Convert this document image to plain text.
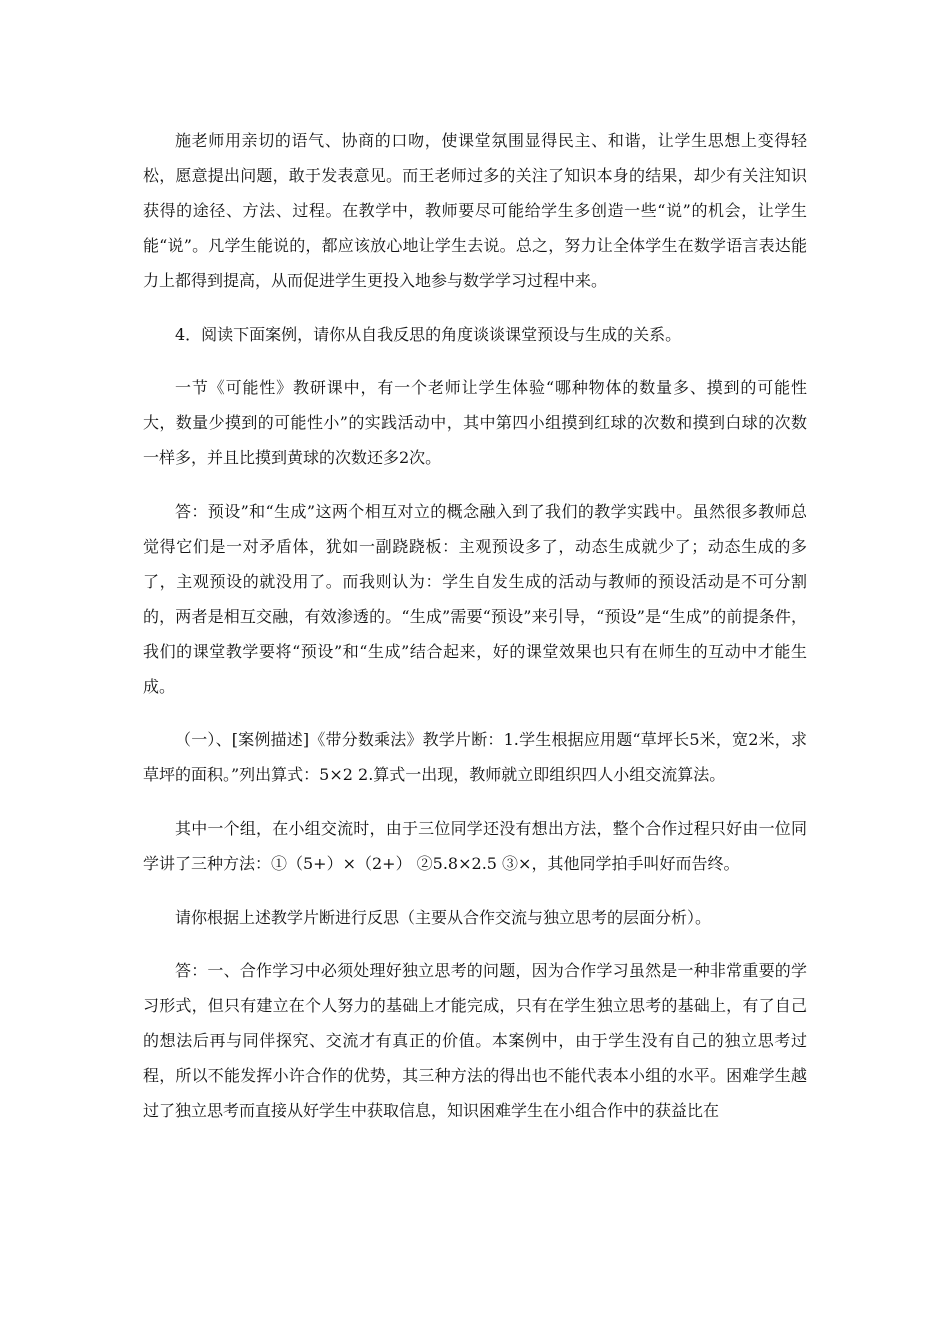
施老师用亲切的语气、协商的口吻，使课堂氛围显得民主、和谐，让学生思想上变得轻松，愿意提出问题，敢于发表意见。而王老师过多的关注了知识本身的结果，却少有关注知识获得的途径、方法、过程。在教学中，教师要尽可能给学生多创造一些“说”的机会，让学生能“说”。凡学生能说的，都应该放心地让学生去说。总之，努力让全体学生在数学语言表达能力上都得到提高，从而促进学生更投入地参与数学学习过程中来。

4．阅读下面案例，请你从自我反思的角度谈谈课堂预设与生成的关系。

一节《可能性》教研课中，有一个老师让学生体验“哪种物体的数量多、摸到的可能性大，数量少摸到的可能性小”的实践活动中，其中第四小组摸到红球的次数和摸到白球的次数一样多，并且比摸到黄球的次数还多2次。

答：预设”和“生成”这两个相互对立的概念融入到了我们的教学实践中。虽然很多教师总觉得它们是一对矛盾体，犹如一副跷跷板：主观预设多了，动态生成就少了；动态生成的多了，主观预设的就没用了。而我则认为：学生自发生成的活动与教师的预设活动是不可分割的，两者是相互交融，有效渗透的。“生成”需要“预设”来引导，“预设”是“生成”的前提条件，我们的课堂教学要将“预设”和“生成”结合起来，好的课堂效果也只有在师生的互动中才能生成。

（一）、[案例描述]《带分数乘法》教学片断：1.学生根据应用题“草坪长5米，宽2米，求草坪的面积。”列出算式：5×2 2.算式一出现，教师就立即组织四人小组交流算法。

其中一个组，在小组交流时，由于三位同学还没有想出方法，整个合作过程只好由一位同学讲了三种方法：①（5+）×（2+） ②5.8×2.5 ③×，其他同学拍手叫好而告终。

请你根据上述教学片断进行反思（主要从合作交流与独立思考的层面分析）。

答：一、合作学习中必须处理好独立思考的问题，因为合作学习虽然是一种非常重要的学习形式，但只有建立在个人努力的基础上才能完成，只有在学生独立思考的基础上，有了自己的想法后再与同伴探究、交流才有真正的价值。本案例中，由于学生没有自己的独立思考过程，所以不能发挥小许合作的优势，其三种方法的得出也不能代表本小组的水平。困难学生越过了独立思考而直接从好学生中获取信息，知识困难学生在小组合作中的获益比在
